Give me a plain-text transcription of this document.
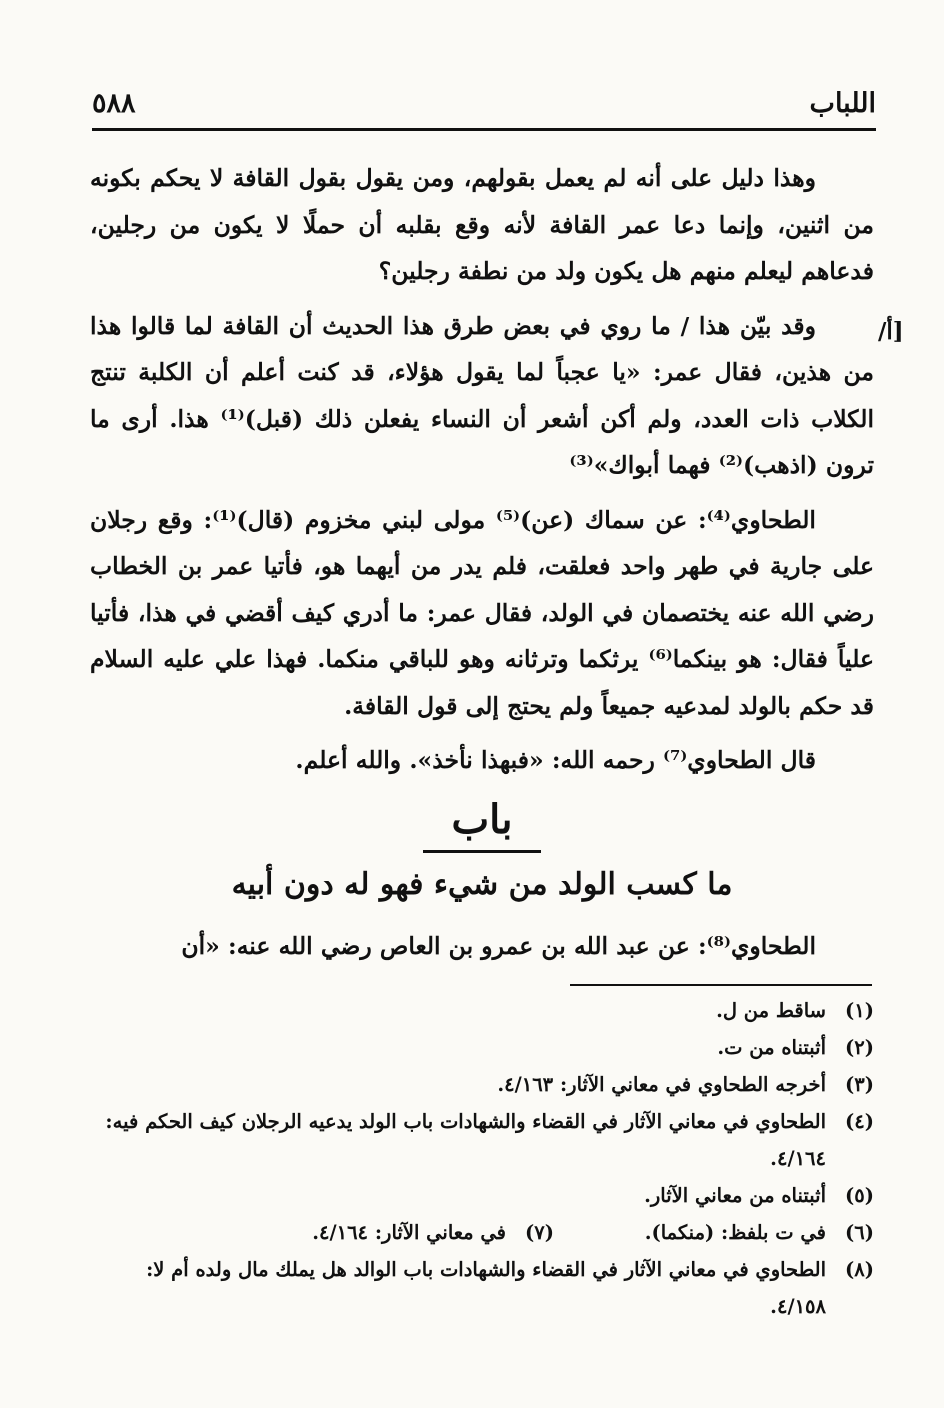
٥٨٨	اللباب
/أ]

وهذا دليل على أنه لم يعمل بقولهم، ومن يقول بقول القافة لا يحكم بكونه من اثنين، وإنما دعا عمر القافة لأنه وقع بقلبه أن حملًا لا يكون من رجلين، فدعاهم ليعلم منهم هل يكون ولد من نطفة رجلين؟

وقد بيّن هذا / ما روي في بعض طرق هذا الحديث أن القافة لما قالوا هذا من هذين، فقال عمر: «يا عجباً لما يقول هؤلاء، قد كنت أعلم أن الكلبة تنتج الكلاب ذات العدد، ولم أكن أشعر أن النساء يفعلن ذلك (قبل)⁽¹⁾ هذا. أرى ما ترون (اذهب)⁽²⁾ فهما أبواك»⁽³⁾

الطحاوي⁽⁴⁾: عن سماك (عن)⁽⁵⁾ مولى لبني مخزوم (قال)⁽¹⁾: وقع رجلان على جارية في طهر واحد فعلقت، فلم يدر من أيهما هو، فأتيا عمر بن الخطاب رضي الله عنه يختصمان في الولد، فقال عمر: ما أدري كيف أقضي في هذا، فأتيا علياً فقال: هو بينكما⁽⁶⁾ يرثكما وترثانه وهو للباقي منكما. فهذا علي عليه السلام قد حكم بالولد لمدعيه جميعاً ولم يحتج إلى قول القافة.

قال الطحاوي⁽⁷⁾ رحمه الله: «فبهذا نأخذ». والله أعلم.

باب
ما كسب الولد من شيء فهو له دون أبيه

الطحاوي⁽⁸⁾: عن عبد الله بن عمرو بن العاص رضي الله عنه: «أن

(١)
ساقط من ل.
(٢)
أثبتناه من ت.
(٣)
أخرجه الطحاوي في معاني الآثار: ٤/١٦٣.
(٤)
الطحاوي في معاني الآثار في القضاء والشهادات باب الولد يدعيه الرجلان كيف الحكم فيه:
٤/١٦٤.
(٥)
أثبتناه من معاني الآثار.
(٦)
في ت بلفظ: (منكما).
(٧)
في معاني الآثار: ٤/١٦٤.
(٨)
الطحاوي في معاني الآثار في القضاء والشهادات باب الوالد هل يملك مال ولده أم لا:
٤/١٥٨.
